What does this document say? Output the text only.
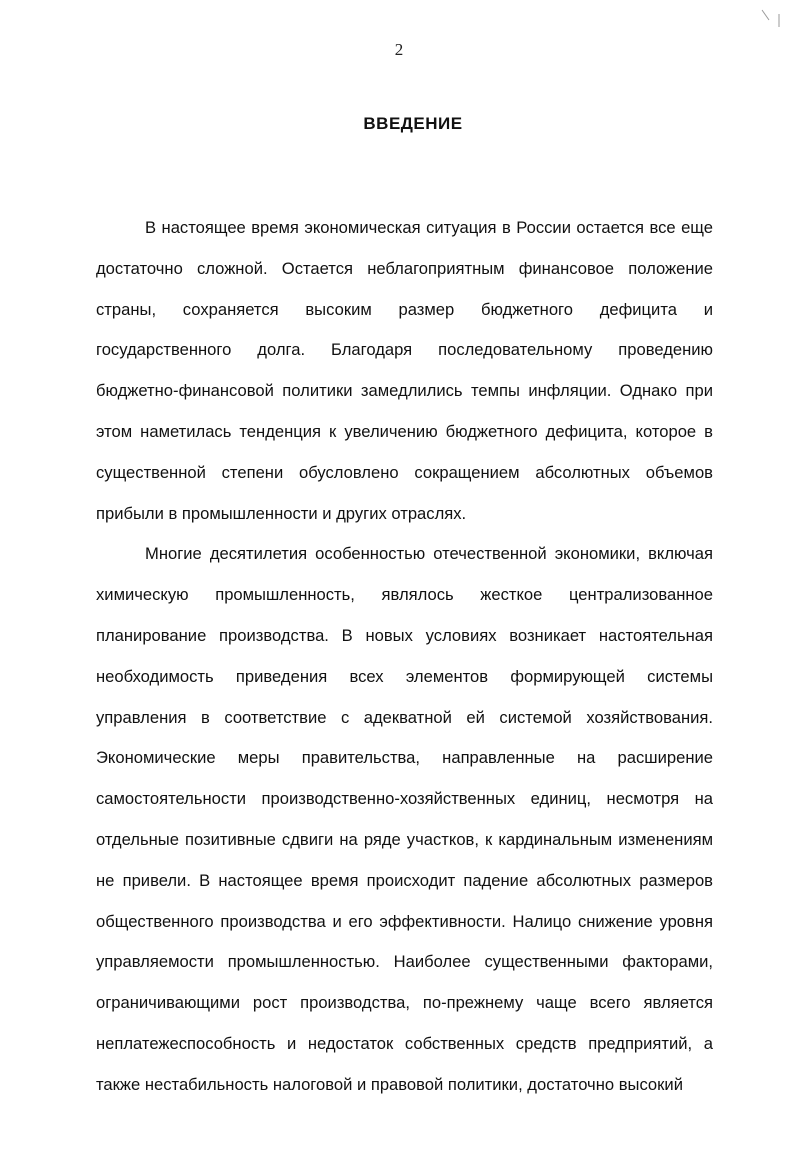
2
ВВЕДЕНИЕ

В настоящее время экономическая ситуация в России остается все еще достаточно сложной. Остается неблагоприятным финансовое положение страны, сохраняется высоким размер бюджетного дефицита и государственного долга. Благодаря последовательному проведению бюджетно-финансовой политики замедлились темпы инфляции. Однако при этом наметилась тенденция к увеличению бюджетного дефицита, которое в существенной степени обусловлено сокращением абсолютных объемов прибыли в промышленности и других отраслях.

Многие десятилетия особенностью отечественной экономики, включая химическую промышленность, являлось жесткое централизованное планирование производства. В новых условиях возникает настоятельная необходимость приведения всех элементов формирующей системы управления в соответствие с адекватной ей системой хозяйствования. Экономические меры правительства, направленные на расширение самостоятельности производственно-хозяйственных единиц, несмотря на отдельные позитивные сдвиги на ряде участков, к кардинальным изменениям не привели. В настоящее время происходит падение абсолютных размеров общественного производства и его эффективности. Налицо снижение уровня управляемости промышленностью. Наиболее существенными факторами, ограничивающими рост производства, по-прежнему чаще всего является неплатежеспособность и недостаток собственных средств предприятий, а также нестабильность налоговой и правовой политики, достаточно высокий
